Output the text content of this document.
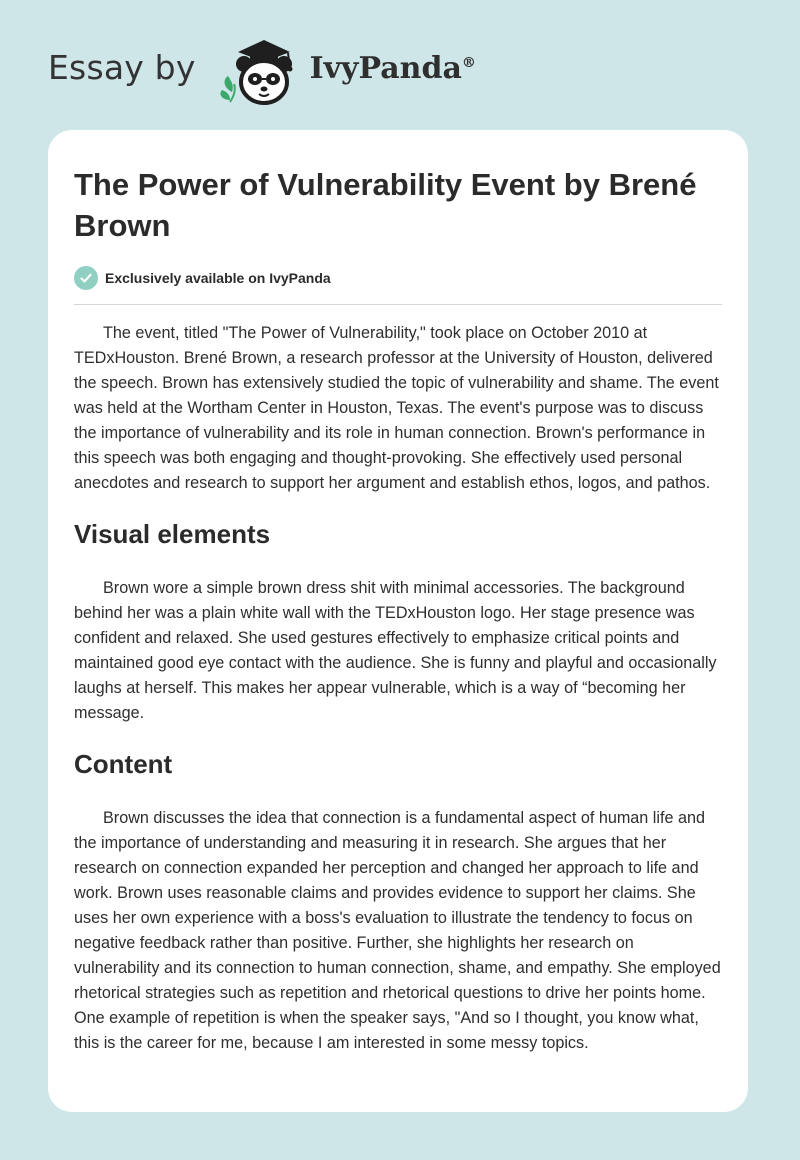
Essay by	IvyPanda®
The Power of Vulnerability Event by Brené Brown
Exclusively available on IvyPanda

The event, titled "The Power of Vulnerability," took place on October 2010 at TEDxHouston. Brené Brown, a research professor at the University of Houston, delivered the speech. Brown has extensively studied the topic of vulnerability and shame. The event was held at the Wortham Center in Houston, Texas. The event's purpose was to discuss the importance of vulnerability and its role in human connection. Brown's performance in this speech was both engaging and thought-provoking. She effectively used personal anecdotes and research to support her argument and establish ethos, logos, and pathos.

Visual elements

Brown wore a simple brown dress shit with minimal accessories. The background behind her was a plain white wall with the TEDxHouston logo. Her stage presence was confident and relaxed. She used gestures effectively to emphasize critical points and maintained good eye contact with the audience. She is funny and playful and occasionally laughs at herself. This makes her appear vulnerable, which is a way of “becoming her message.

Content

Brown discusses the idea that connection is a fundamental aspect of human life and the importance of understanding and measuring it in research. She argues that her research on connection expanded her perception and changed her approach to life and work. Brown uses reasonable claims and provides evidence to support her claims. She uses her own experience with a boss's evaluation to illustrate the tendency to focus on negative feedback rather than positive. Further, she highlights her research on vulnerability and its connection to human connection, shame, and empathy. She employed rhetorical strategies such as repetition and rhetorical questions to drive her points home. One example of repetition is when the speaker says, "And so I thought, you know what, this is the career for me, because I am interested in some messy topics.
